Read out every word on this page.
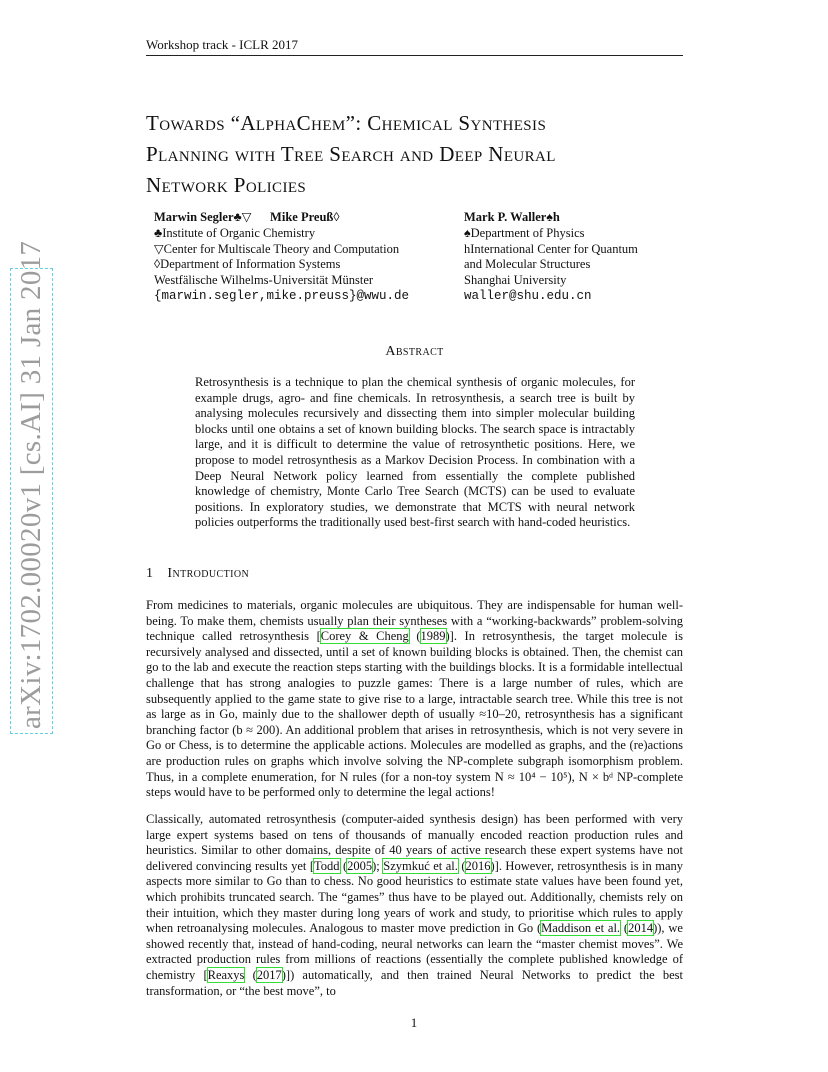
Workshop track - ICLR 2017
arXiv:1702.00020v1 [cs.AI] 31 Jan 2017
Towards “AlphaChem”: Chemical Synthesis
Planning with Tree Search and Deep Neural
Network Policies
Marwin Segler♣▽      Mike Preuß◊
♣Institute of Organic Chemistry
▽Center for Multiscale Theory and Computation
◊Department of Information Systems
Westfälische Wilhelms-Universität Münster
{marwin.segler,mike.preuss}@wwu.de
Mark P. Waller♠h
♠Department of Physics
hInternational Center for Quantum
and Molecular Structures
Shanghai University
waller@shu.edu.cn
Abstract

Retrosynthesis is a technique to plan the chemical synthesis of organic molecules, for example drugs, agro- and fine chemicals. In retrosynthesis, a search tree is built by analysing molecules recursively and dissecting them into simpler molecular building blocks until one obtains a set of known building blocks. The search space is intractably large, and it is difficult to determine the value of retrosynthetic positions. Here, we propose to model retrosynthesis as a Markov Decision Process. In combination with a Deep Neural Network policy learned from essentially the complete published knowledge of chemistry, Monte Carlo Tree Search (MCTS) can be used to evaluate positions. In exploratory studies, we demonstrate that MCTS with neural network policies outperforms the traditionally used best-first search with hand-coded heuristics.

1 Introduction

From medicines to materials, organic molecules are ubiquitous. They are indispensable for human well-being. To make them, chemists usually plan their syntheses with a “working-backwards” problem-solving technique called retrosynthesis [Corey & Cheng (1989)]. In retrosynthesis, the target molecule is recursively analysed and dissected, until a set of known building blocks is obtained. Then, the chemist can go to the lab and execute the reaction steps starting with the buildings blocks. It is a formidable intellectual challenge that has strong analogies to puzzle games: There is a large number of rules, which are subsequently applied to the game state to give rise to a large, intractable search tree. While this tree is not as large as in Go, mainly due to the shallower depth of usually ≈10–20, retrosynthesis has a significant branching factor (b ≈ 200). An additional problem that arises in retrosynthesis, which is not very severe in Go or Chess, is to determine the applicable actions. Molecules are modelled as graphs, and the (re)actions are production rules on graphs which involve solving the NP-complete subgraph isomorphism problem. Thus, in a complete enumeration, for N rules (for a non-toy system N ≈ 10⁴ − 10⁵), N × bᵈ NP-complete steps would have to be performed only to determine the legal actions!

Classically, automated retrosynthesis (computer-aided synthesis design) has been performed with very large expert systems based on tens of thousands of manually encoded reaction production rules and heuristics. Similar to other domains, despite of 40 years of active research these expert systems have not delivered convincing results yet [Todd (2005); Szymkuć et al. (2016)]. However, retrosynthesis is in many aspects more similar to Go than to chess. No good heuristics to estimate state values have been found yet, which prohibits truncated search. The “games” thus have to be played out. Additionally, chemists rely on their intuition, which they master during long years of work and study, to prioritise which rules to apply when retroanalysing molecules. Analogous to master move prediction in Go (Maddison et al. (2014)), we showed recently that, instead of hand-coding, neural networks can learn the “master chemist moves”. We extracted production rules from millions of reactions (essentially the complete published knowledge of chemistry [Reaxys (2017)]) automatically, and then trained Neural Networks to predict the best transformation, or “the best move”, to

1
